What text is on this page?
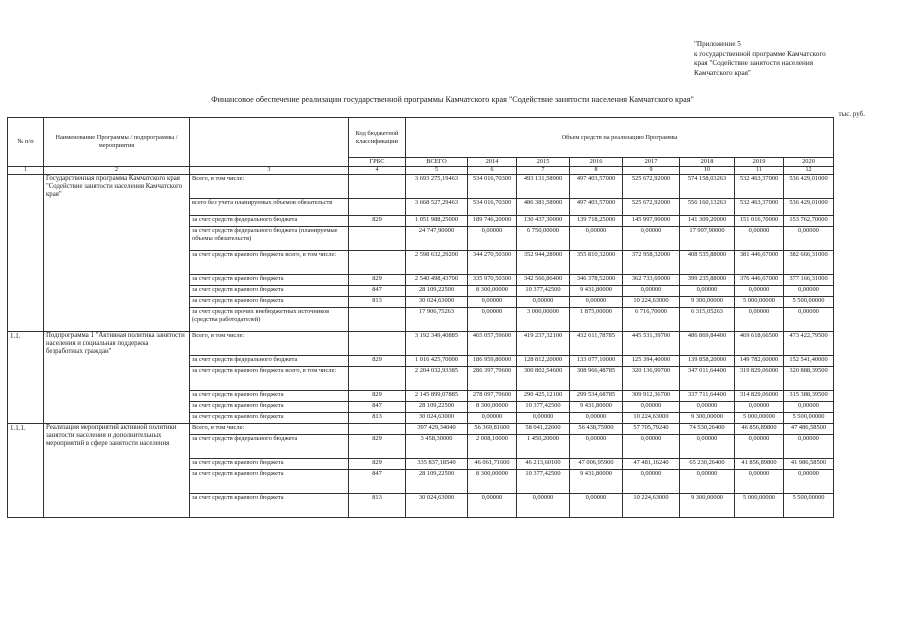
"Приложение 5
к государственной программе Камчатского
края "Содействие занятости населения
Камчатского края"
Финансовое обеспечение реализации государственной программы Камчатского края "Содействие занятости населения Камчатского края"
тыс. руб.
№ п/п	Наименование Программы / подпрограммы / мероприятия		Код бюджетной классификации	Объем средств на реализацию Программы							
			ГРБС	ВСЕГО	2014	2015	2016	2017	2018	2019	2020
1	2	3	4	5	6	7	8	9	10	11	12
	Государственная программа Камчатского края "Содействие занятости населения Камчатского края"	Всего, в том числе:		3 693 275,19463	534 016,70300	493 131,58900	497 403,57000	525 672,92000	574 158,03263	532 463,37000	536 429,01000
		всего без учета планируемых объемов обязательств		3 668 527,29463	534 016,70300	486 381,58900	497 403,57000	525 672,92000	556 160,13263	532 463,37000	536 429,01000
		за счет средств федерального бюджета	829	1 051 988,25000	189 746,20000	130 437,30000	139 718,25000	145 997,90000	141 309,20000	151 016,70000	153 762,70000
		за счет средств федерального бюджета (планируемые объемы обязательств)		24 747,90000	0,00000	6 750,00000	0,00000	0,00000	17 997,90000	0,00000	0,00000
		за счет средств краевого бюджета всего, в том числе:		2 598 632,29200	344 270,50300	352 944,28900	355 810,32000	372 958,32000	408 535,88000	381 446,67000	382 666,31000
		за счет средств краевого бюджета	829	2 540 498,43700	335 970,50300	342 566,86400	346 378,52000	362 733,69000	399 235,88000	376 446,67000	377 166,31000
		за счет средств краевого бюджета	847	28 109,22500	8 300,00000	10 377,42500	9 431,80000	0,00000	0,00000	0,00000	0,00000
		за счет средств краевого бюджета	813	30 024,63000	0,00000	0,00000	0,00000	10 224,63000	9 300,00000	5 000,00000	5 500,00000
		за счет средств прочих внебюджетных источников (средства работодателей)		17 906,75263	0,00000	3 000,00000	1 875,00000	6 716,70000	6 315,05263	0,00000	0,00000
1.1.	Подпрограмма 1 "Активная политика занятости населения и социальная поддержка безработных граждан"	Всего, в том числе:		3 192 349,40885	465 057,59600	419 237,32100	432 611,78785	445 531,39700	486 869,84400	469 618,66500	473 422,79500
		за счет средств федерального бюджета	829	1 016 425,70000	186 959,80000	128 812,20000	133 077,10000	125 394,40000	139 858,20000	149 782,60000	152 541,40000
		за счет средств краевого бюджета всего, в том числе:		2 204 032,93385	286 397,79600	300 802,54600	308 966,48785	320 136,99700	347 011,64400	319 829,06000	320 888,39500
		за счет средств краевого бюджета	829	2 145 899,07885	278 097,79600	290 425,12100	299 534,68785	309 912,36700	337 711,64400	314 829,06000	315 388,39500
		за счет средств краевого бюджета	847	28 109,22500	8 300,00000	10 377,42500	9 431,80000	0,00000	0,00000	0,00000	0,00000
		за счет средств краевого бюджета	813	30 024,63000	0,00000	0,00000	0,00000	10 224,63000	9 300,00000	5 000,00000	5 500,00000
1.1.1.	Реализация мероприятий активной политики занятости населения и дополнительных мероприятий в сфере занятости населения	Всего, в том числе:		397 429,34040	56 369,81600	58 041,22600	56 438,75900	57 705,79240	74 530,26400	46 856,89800	47 486,58500
		за счет средств федерального бюджета	829	3 458,30000	2 008,10000	1 450,20000	0,00000	0,00000	0,00000	0,00000	0,00000
		за счет средств краевого бюджета	829	335 837,18540	46 061,71600	46 213,60100	47 006,95900	47 481,16240	65 230,26400	41 856,89800	41 986,58500
		за счет средств краевого бюджета	847	28 109,22500	8 300,00000	10 377,42500	9 431,80000	0,00000	0,00000	0,00000	0,00000
		за счет средств краевого бюджета	813	30 024,63000	0,00000	0,00000	0,00000	10 224,63000	9 300,00000	5 000,00000	5 500,00000
